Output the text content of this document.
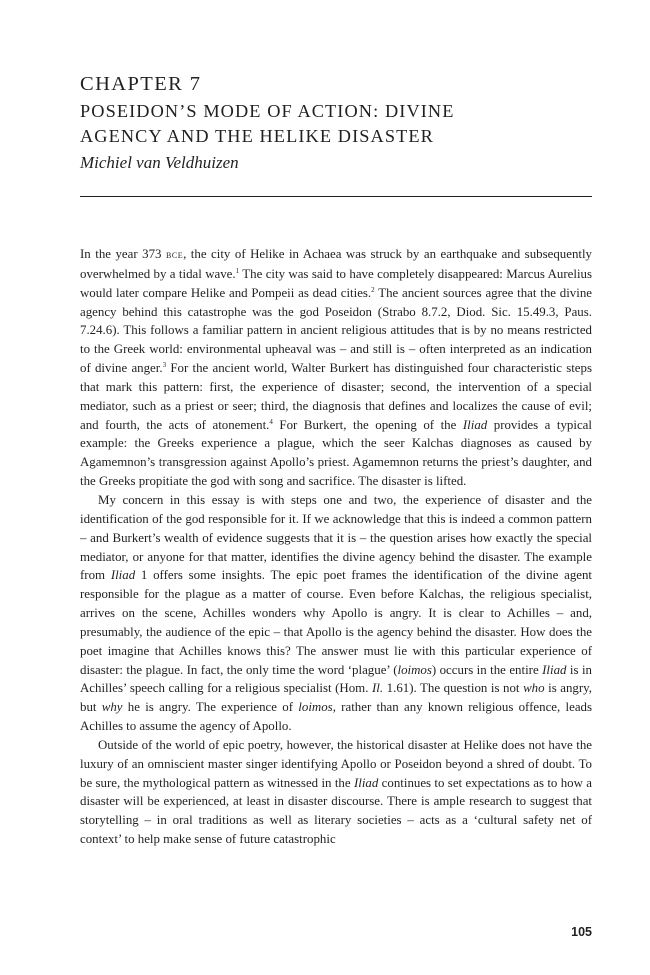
CHAPTER 7
POSEIDON’S MODE OF ACTION: DIVINE
AGENCY AND THE HELIKE DISASTER
Michiel van Veldhuizen

In the year 373 bce, the city of Helike in Achaea was struck by an earthquake and subsequently overwhelmed by a tidal wave.$^1$ The city was said to have completely disappeared: Marcus Aurelius would later compare Helike and Pompeii as dead cities.$^2$ The ancient sources agree that the divine agency behind this catastrophe was the god Poseidon (Strabo 8.7.2, Diod. Sic. 15.49.3, Paus. 7.24.6). This follows a familiar pattern in ancient religious attitudes that is by no means restricted to the Greek world: environmental upheaval was – and still is – often interpreted as an indication of divine anger.$^3$ For the ancient world, Walter Burkert has distinguished four characteristic steps that mark this pattern: first, the experience of disaster; second, the intervention of a special mediator, such as a priest or seer; third, the diagnosis that defines and localizes the cause of evil; and fourth, the acts of atonement.$^4$ For Burkert, the opening of the Iliad provides a typical example: the Greeks experience a plague, which the seer Kalchas diagnoses as caused by Agamemnon’s transgression against Apollo’s priest. Agamemnon returns the priest’s daughter, and the Greeks propitiate the god with song and sacrifice. The disaster is lifted.

My concern in this essay is with steps one and two, the experience of disaster and the identification of the god responsible for it. If we acknowledge that this is indeed a common pattern – and Burkert’s wealth of evidence suggests that it is – the question arises how exactly the special mediator, or anyone for that matter, identifies the divine agency behind the disaster. The example from Iliad 1 offers some insights. The epic poet frames the identification of the divine agent responsible for the plague as a matter of course. Even before Kalchas, the religious specialist, arrives on the scene, Achilles wonders why Apollo is angry. It is clear to Achilles – and, presumably, the audience of the epic – that Apollo is the agency behind the disaster. How does the poet imagine that Achilles knows this? The answer must lie with this particular experience of disaster: the plague. In fact, the only time the word ‘plague’ (loimos) occurs in the entire Iliad is in Achilles’ speech calling for a religious specialist (Hom. Il. 1.61). The question is not who is angry, but why he is angry. The experience of loimos, rather than any known religious offence, leads Achilles to assume the agency of Apollo.

Outside of the world of epic poetry, however, the historical disaster at Helike does not have the luxury of an omniscient master singer identifying Apollo or Poseidon beyond a shred of doubt. To be sure, the mythological pattern as witnessed in the Iliad continues to set expectations as to how a disaster will be experienced, at least in disaster discourse. There is ample research to suggest that storytelling – in oral traditions as well as literary societies – acts as a ‘cultural safety net of context’ to help make sense of future catastrophic

105
